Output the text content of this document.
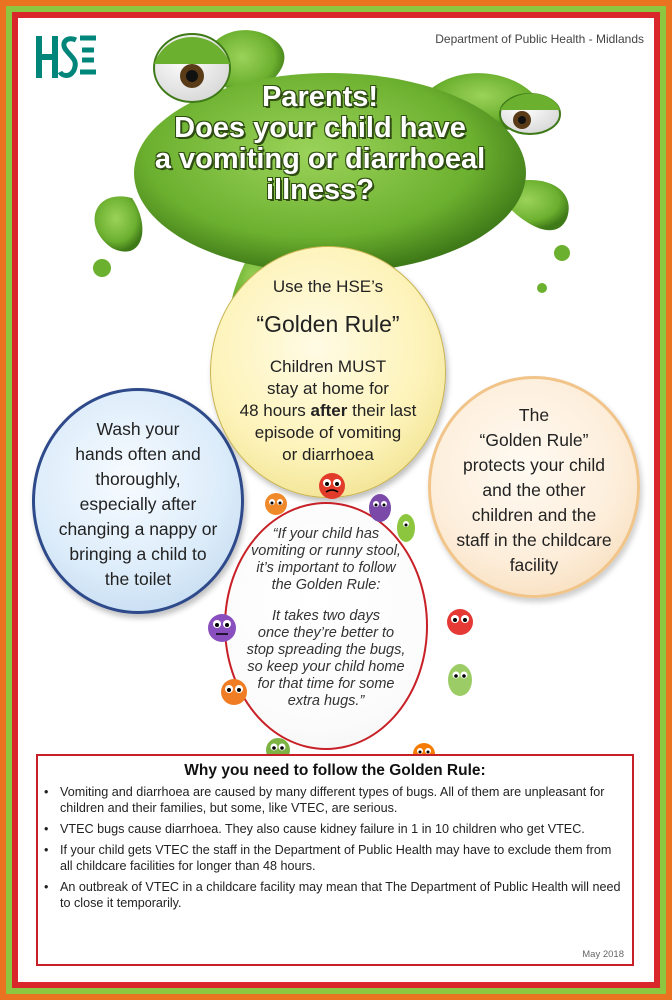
Department of Public Health - Midlands
Parents!
Does your child have
a vomiting or diarrhoeal
illness?
Wash your
hands often and
thoroughly,
especially after
changing a nappy or
bringing a child to
the toilet
The
“Golden Rule”
protects your child
and the other
children and the
staff in the childcare
facility
Use the HSE’s
“Golden Rule”
Children MUST
stay at home for
48 hours after their last
episode of vomiting
or diarrhoea
“If your child has
vomiting or runny stool,
it’s important to follow
the Golden Rule:
It takes two days
once they’re better to
stop spreading the bugs,
so keep your child home
for that time for some
extra hugs.”
Why you need to follow the Golden Rule:
• Vomiting and diarrhoea are caused by many different types of bugs. All of them are unpleasant for children and their families, but some, like VTEC, are serious.
• VTEC bugs cause diarrhoea. They also cause kidney failure in 1 in 10 children who get VTEC.
• If your child gets VTEC the staff in the Department of Public Health may have to exclude them from all childcare facilities for longer than 48 hours.
• An outbreak of VTEC in a childcare facility may mean that The Department of Public Health will need to close it temporarily.
May 2018
